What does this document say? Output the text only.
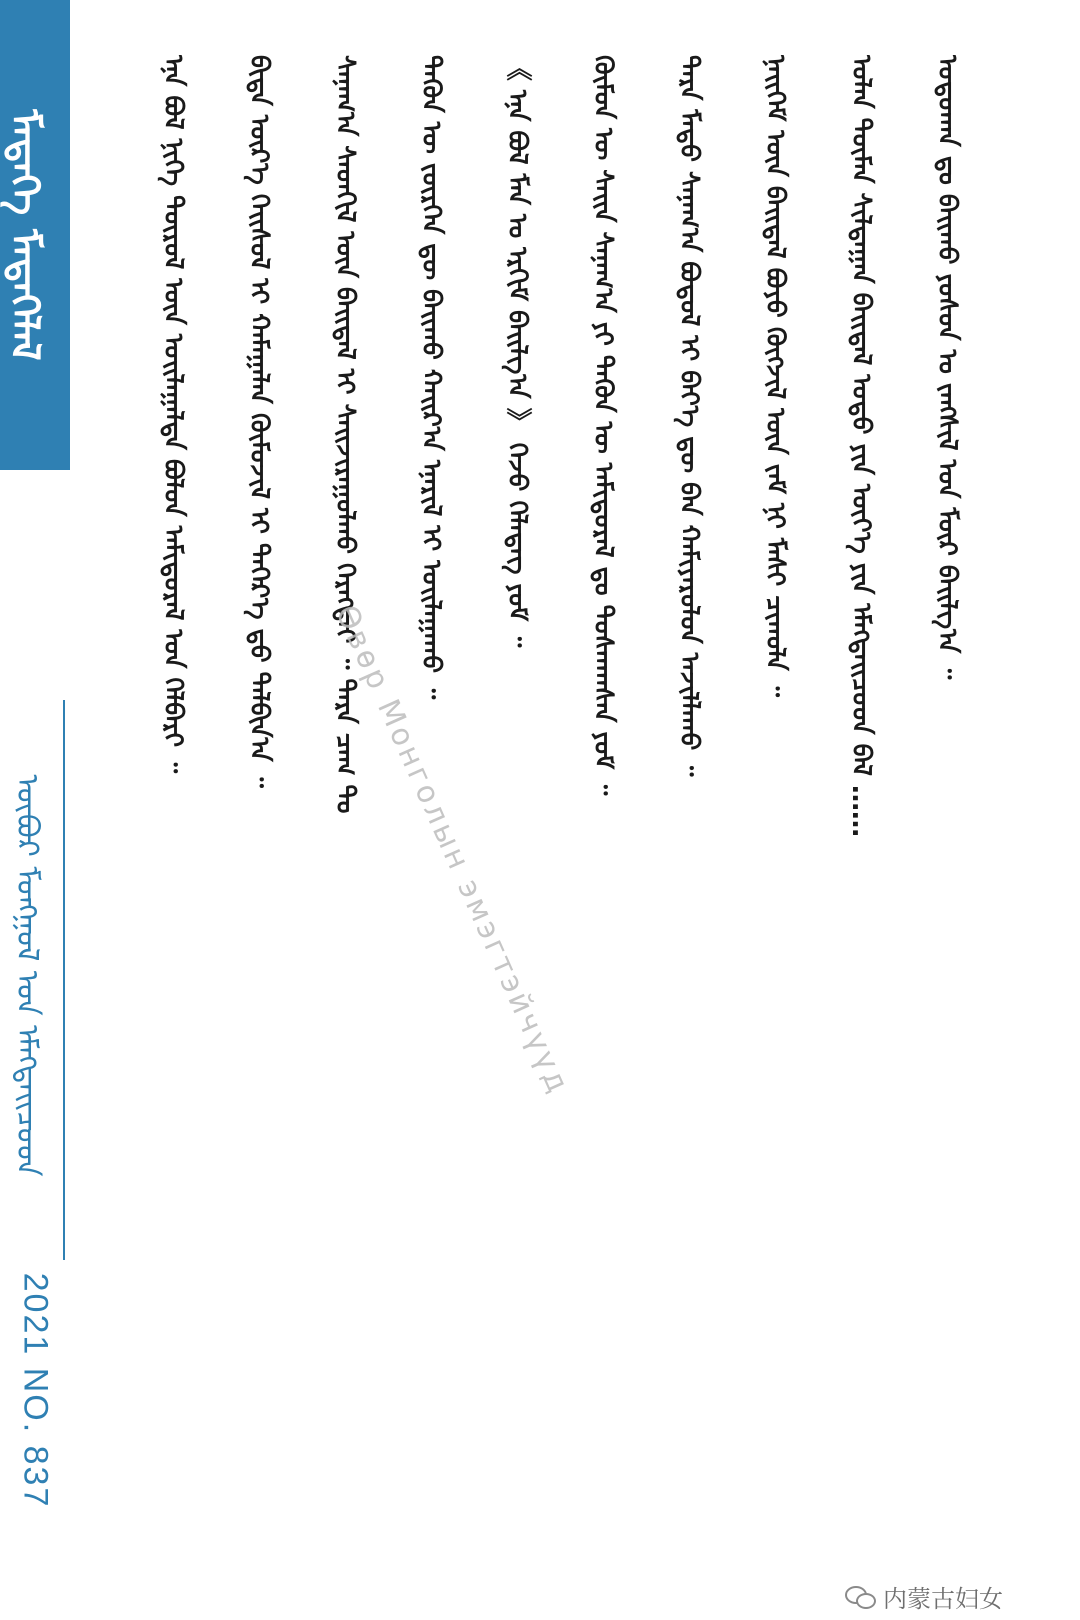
ᠮᠡᠳᠡᠭᠡ ᠮᠡᠳᠡᠭᠡᠯᠡᠯ
ᠥᠪᠥᠷ ᠮᠣᠩᠭᠣᠯ ᠤᠨ ᠡᠮᠡᠭᠲᠡᠢᠴᠦᠳ
2021 NO. 837
ᠣᠳᠣᠬᠠᠨ ᠳᠤ ᠪᠠᠢᠬᠤ ᠶᠣᠰᠣᠨ ᠤ ᠵᠠᠩᠰᠢᠯ ᠤᠨ ᠮᠥᠷ ᠪᠠᠢᠯᠭ᠎ᠠ ᠃
ᠣᠯᠠᠨ ᠲᠥᠮᠡᠨ ᠰᠢᠯᠲᠠᠭᠠᠨ ᠪᠠᠢᠳᠠᠯ ᠣᠳᠣ ᠶᠢᠨ ᠦᠶ᠎ᠡ ᠶᠢᠨ ᠡᠮᠡᠭᠲᠡᠢᠴᠦᠳ ᠪᠠᠯ ……
ᠨᠡᠢᠭᠡᠮ ᠦᠨ ᠪᠠᠢᠳᠠᠯ ᠪᠤᠶᠤ ᠬᠥᠭᠵᠢᠯ ᠦᠨ ᠵᠠᠮ ᠨᠢ ᠮᠠᠰᠢ ᠴᠢᠬᠤᠯᠠ ᠃
ᠲᠡᠷᠡ ᠮᠡᠲᠦ ᠰᠠᠨᠠᠭ᠎ᠠ ᠪᠣᠳᠤᠯ ᠢ ᠪᠡᠶ᠎ᠡ ᠳᠦ ᠪᠡᠨ ᠬᠠᠮᠢᠶᠠᠷᠤᠯᠤᠨ ᠠᠵᠢᠯᠯᠠᠬᠤ ᠃
ᠬᠦᠮᠦᠨ ᠦ ᠰᠠᠢᠨ ᠰᠠᠨᠠᠭ᠎ᠠ ᠶᠢ ᠲᠡᠭᠦᠨ ᠦ ᠠᠮᠢᠳᠤᠷᠠᠯ ᠳᠤ ᠲᠣᠰᠬᠠᠭᠰᠠᠨ ᠶᠤᠮ ᠃
《 ᠡᠨᠡ ᠪᠣᠯ ᠮᠠᠨ ᠤ ᠡᠷᠬᠢᠮ ᠪᠠᠢᠯᠭ᠎ᠠ 》 ᠭᠡᠵᠦ ᠬᠡᠯᠡᠳᠡᠭ ᠶᠤᠮ ᠃
ᠲᠡᠭᠦᠨ ᠦ ᠵᠦᠷᠬᠡᠨ ᠳᠦ ᠪᠠᠢᠬᠤ ᠬᠠᠢᠷ᠎ᠠ ᠡᠨᠡᠷᠢᠯ ᠢ ᠣᠢᠯᠠᠭᠠᠬᠤ ᠃
ᠰᠠᠨᠠᠭ᠎ᠠ ᠰᠡᠳᠬᠢᠯ ᠦᠨ ᠪᠠᠢᠳᠠᠯ ᠢ ᠰᠠᠢᠵᠢᠷᠠᠭᠤᠯᠬᠤ ᠬᠡᠷᠡᠭᠲᠡᠢ ᠃ ᠲᠡᠷᠡ ᠴᠠᠭ ᠲᠤ
ᠪᠢᠳᠡ ᠦᠷ᠎ᠡ ᠬᠡᠢᠰᠦᠯ ᠢ ᠬᠠᠮᠠᠭᠠᠯᠠᠨ ᠬᠥᠮᠦᠵᠢᠯ ᠢ ᠳᠡᠭᠡᠷ᠎ᠡ ᠳ᠋ᠦ ᠲᠠᠯᠪᠢᠨ᠎ᠠ ᠃
ᠡᠨᠡ ᠪᠣᠯ ᠨᠢᠭᠡ ᠲᠥᠷᠥᠯ ᠦᠨ ᠣᠢᠯᠠᠭᠠᠯᠲᠠ ᠪᠣᠯᠤᠨ ᠠᠮᠢᠳᠤᠷᠠᠯ ᠤᠨ ᠬᠡᠯᠪᠡᠷᠢ ᠃
Өвөр Монголын эмэгтэйчүүд
内蒙古妇女
